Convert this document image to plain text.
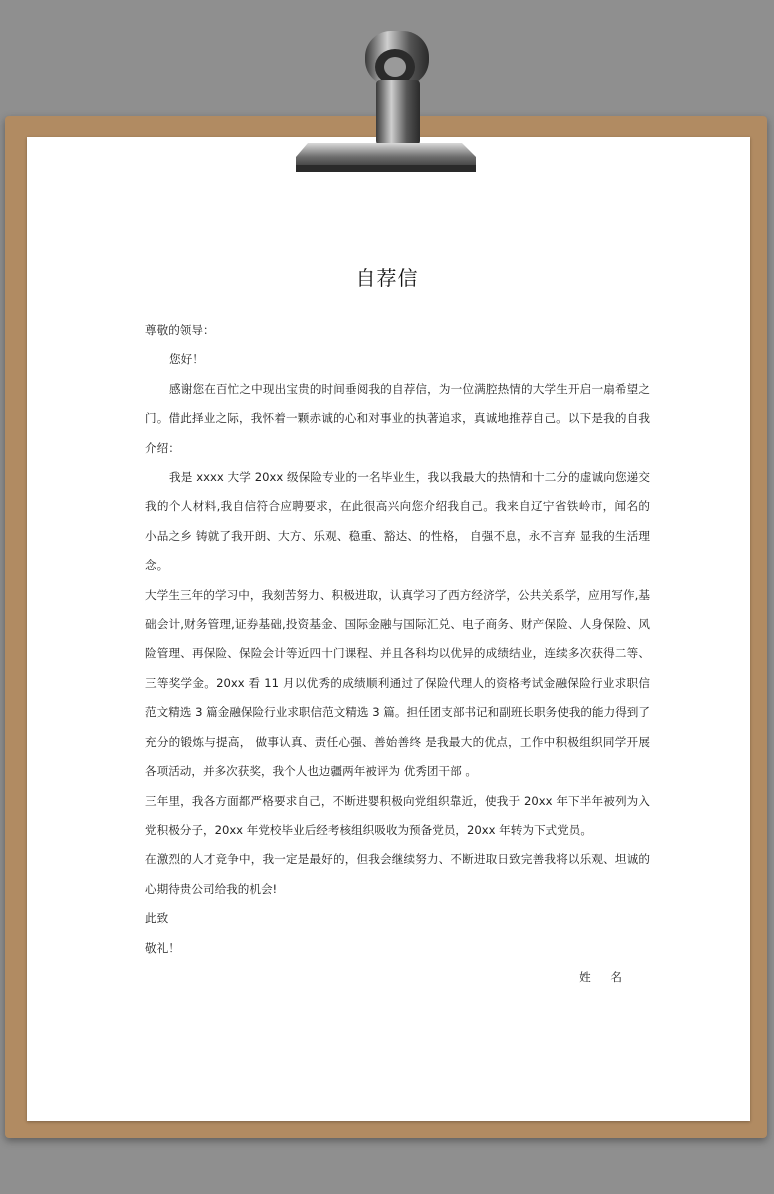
自荐信

尊敬的领导：

您好！

感谢您在百忙之中现出宝贵的时间垂阅我的自荐信，为一位满腔热情的大学生开启一扇希望之门。借此择业之际，我怀着一颗赤诚的心和对事业的执著追求，真诚地推荐自己。以下是我的自我介绍：

我是 xxxx 大学 20xx 级保险专业的一名毕业生，我以我最大的热情和十二分的虚诚向您递交我的个人材料,我自信符合应聘要求，在此很高兴向您介绍我自己。我来自辽宁省铁岭市，闻名的 小品之乡 铸就了我开朗、大方、乐观、稳重、豁达、的性格， 自强不息，永不言弃 显我的生活理念。

大学生三年的学习中，我刻苦努力、积极进取，认真学习了西方经济学，公共关系学，应用写作,基础会计,财务管理,证券基础,投资基金、国际金融与国际汇兑、电子商务、财产保险、人身保险、风险管理、再保险、保险会计等近四十门课程、并且各科均以优异的成绩结业，连续多次获得二等、三等奖学金。20xx 看 11 月以优秀的成绩顺利通过了保险代理人的资格考试金融保险行业求职信范文精选 3 篇金融保险行业求职信范文精选 3 篇。担任团支部书记和副班长职务使我的能力得到了充分的锻炼与提高， 做事认真、责任心强、善始善终 是我最大的优点，工作中积极组织同学开展各项活动，并多次获奖，我个人也边疆两年被评为 优秀团干部 。

三年里，我各方面都严格要求自己，不断进婴积极向党组织靠近，使我于 20xx 年下半年被列为入党积极分子，20xx 年党校毕业后经考核组织吸收为预备党员，20xx 年转为下式党员。

在激烈的人才竞争中，我一定是最好的，但我会继续努力、不断进取日致完善我将以乐观、坦诚的心期待贵公司给我的机会!

此致

敬礼！

姓 名
